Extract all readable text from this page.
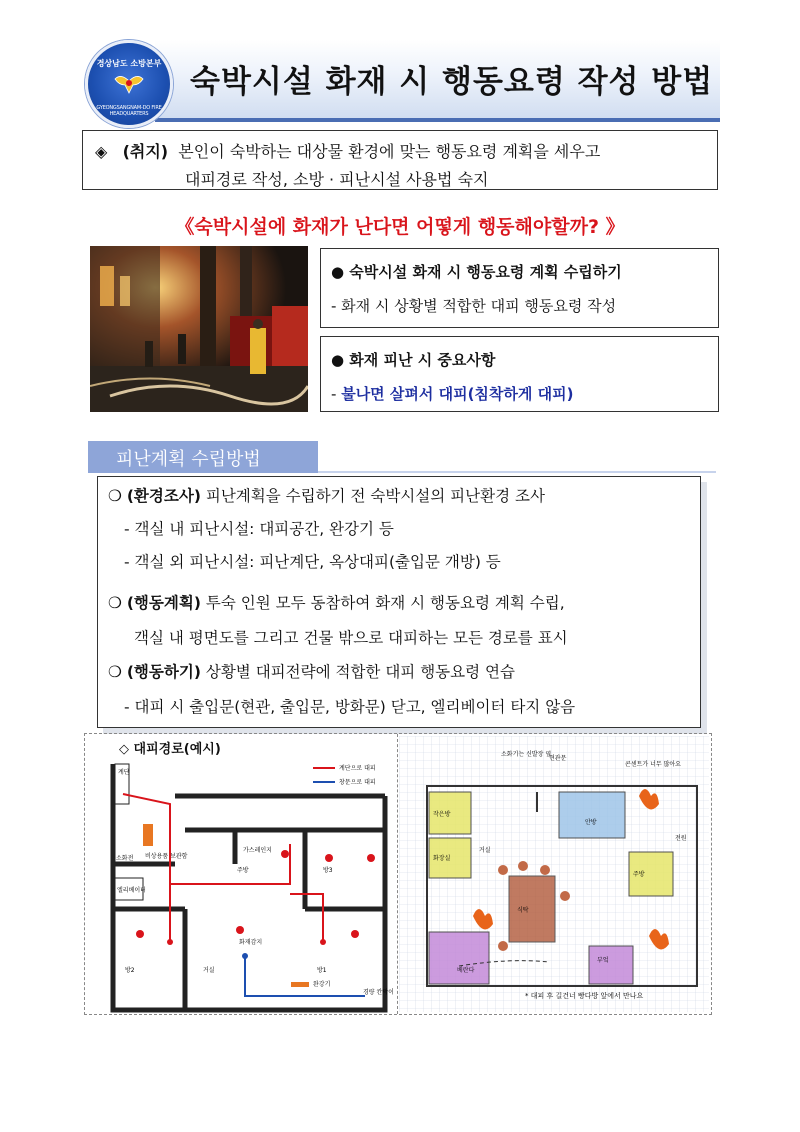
경상남도 소방본부
GYEONGSANGNAM-DO FIRE HEADQUARTERS
숙박시설 화재 시 행동요령 작성 방법
◈ (취지) 본인이 숙박하는 대상물 환경에 맞는 행동요령 계획을 세우고
대피경로 작성, 소방 · 피난시설 사용법 숙지
《숙박시설에 화재가 난다면 어떻게 행동해야할까? 》
● 숙박시설 화재 시 행동요령 계획 수립하기
- 화재 시 상황별 적합한 대피 행동요령 작성
● 화재 피난 시 중요사항
- 불나면 살펴서 대피(침착하게 대피)
피난계획 수립방법
❍ (환경조사) 피난계획을 수립하기 전 숙박시설의 피난환경 조사
- 객실 내 피난시설: 대피공간, 완강기 등
- 객실 외 피난시설: 피난계단, 옥상대피(출입문 개방) 등
❍ (행동계획) 투숙 인원 모두 동참하여 화재 시 행동요령 계획 수립,
객실 내 평면도를 그리고 건물 밖으로 대피하는 모든 경로를 표시
❍ (행동하기) 상황별 대피전략에 적합한 대피 행동요령 연습
- 대피 시 출입문(현관, 출입문, 방화문) 닫고, 엘리베이터 타지 않음
◇ 대피경로(예시)
계단
소화전 비상용품 보관함
엘리베이터
가스레인지
주방	방3
화재감지
방2	거실	방1
완강기
경량 칸막이
계단으로 대피
창문으로 대피
소화기는 신발장 옆
현관문
콘센트가 너무 많아요
화장실
안방
거실
주방
베란다
부엌
식탁
전원
작은방
* 대피 후 길건너 빵다방 앞에서 만나요
